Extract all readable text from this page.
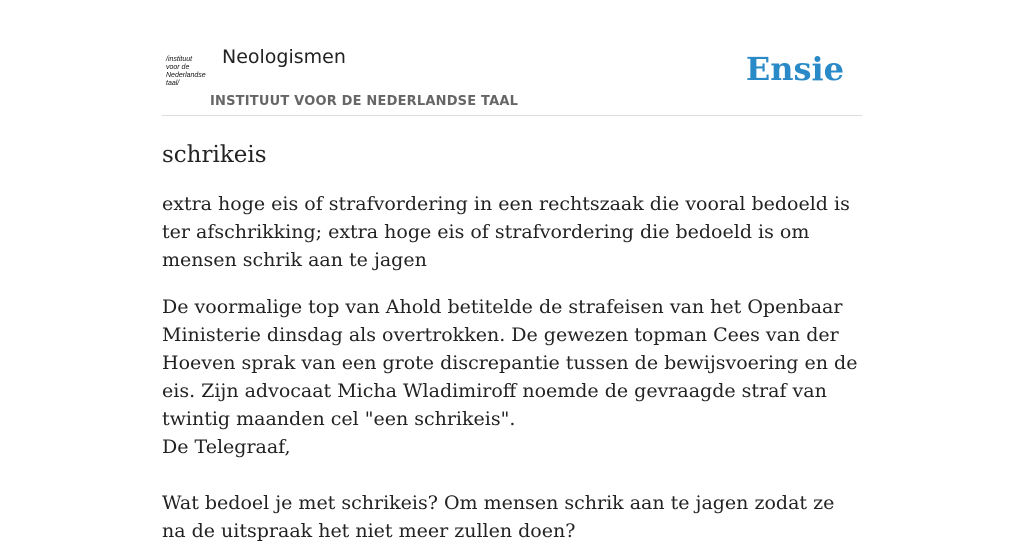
/instituut
voor de
Nederlandse
taal/
Neologismen
INSTITUUT VOOR DE NEDERLANDSE TAAL
Ensie
schrikeis

extra hoge eis of strafvordering in een rechtszaak die vooral bedoeld is ter afschrikking; extra hoge eis of strafvordering die bedoeld is om mensen schrik aan te jagen

De voormalige top van Ahold betitelde de strafeisen van het Openbaar Ministerie dinsdag als overtrokken. De gewezen topman Cees van der Hoeven sprak van een grote discrepantie tussen de bewijsvoering en de eis. Zijn advocaat Micha Wladimiroff noemde de gevraagde straf van twintig maanden cel "een schrikeis".
De Telegraaf,

Wat bedoel je met schrikeis? Om mensen schrik aan te jagen zodat ze na de uitspraak het niet meer zullen doen?
